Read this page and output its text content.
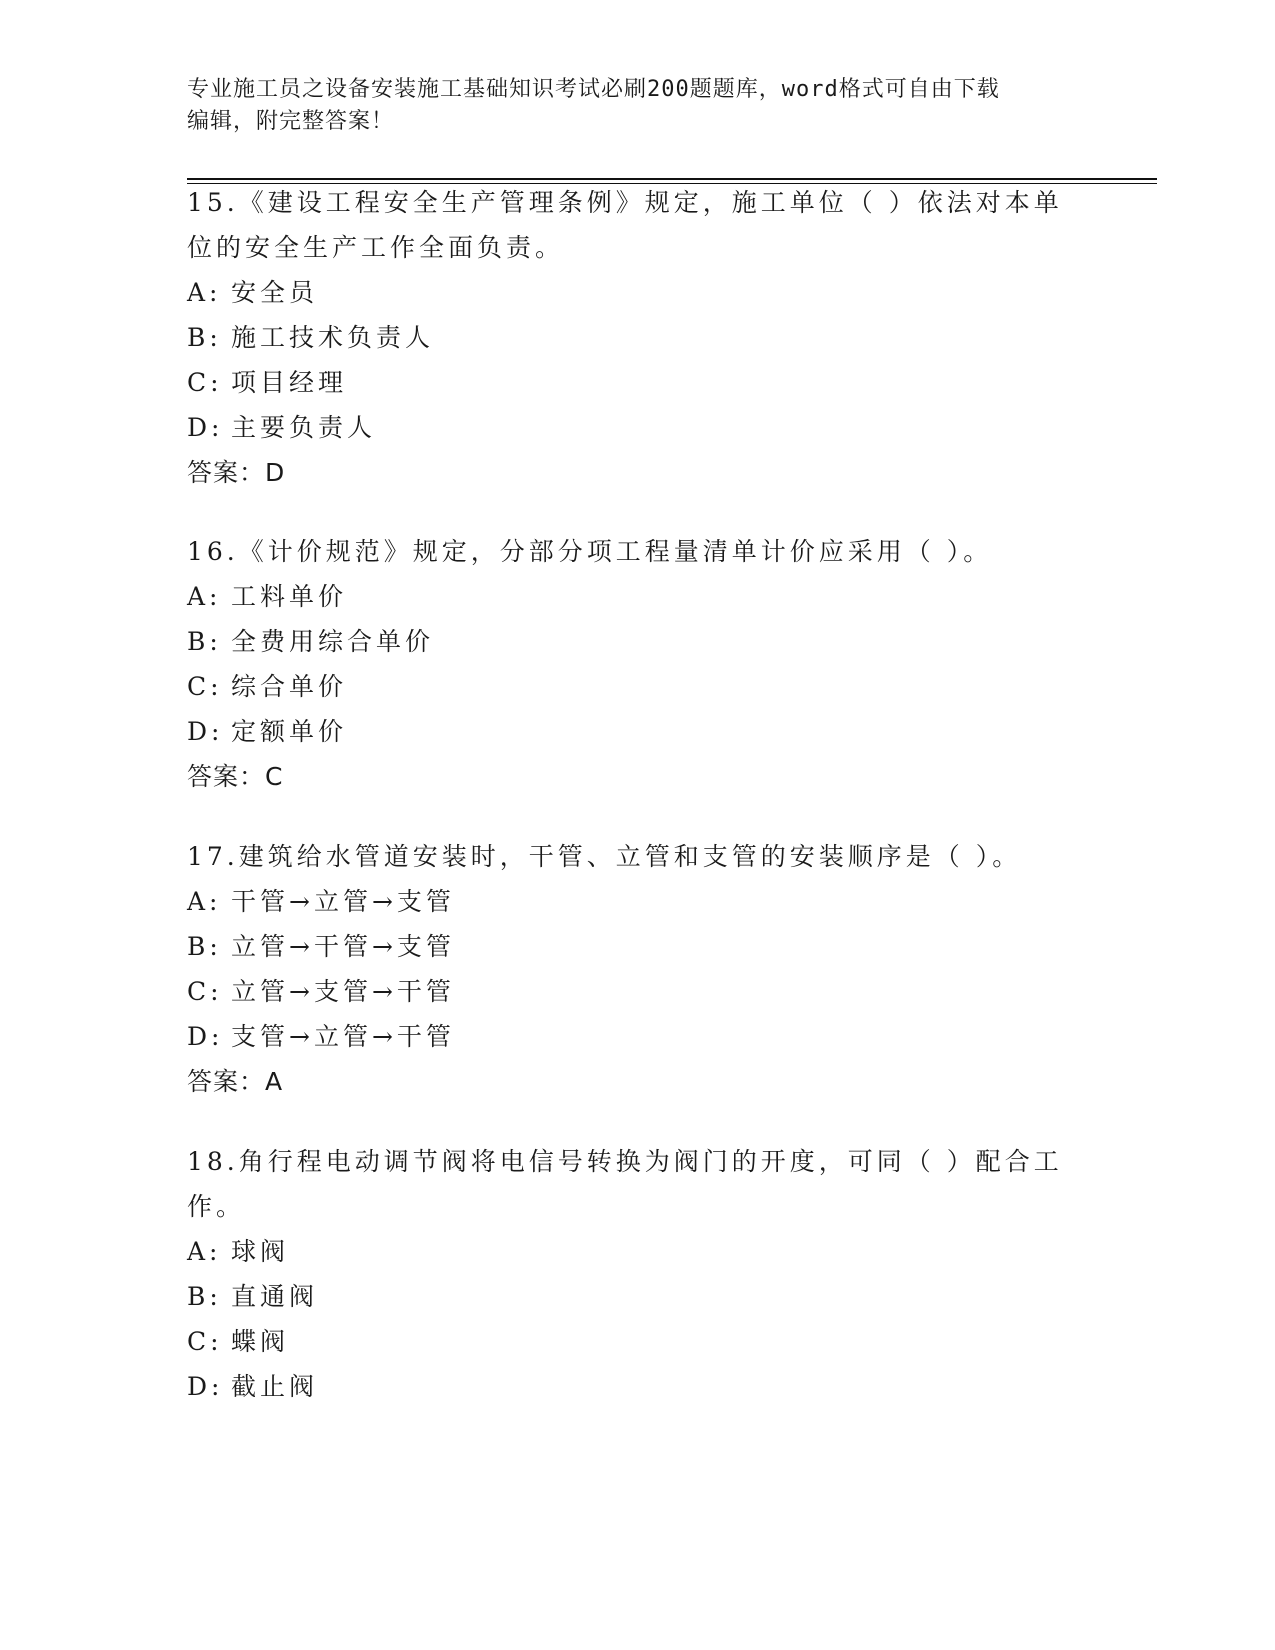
专业施工员之设备安装施工基础知识考试必刷200题题库，word格式可自由下载
编辑，附完整答案！
15.《建设工程安全生产管理条例》规定，施工单位（ ）依法对本单
位的安全生产工作全面负责。
A: 安全员
B: 施工技术负责人
C: 项目经理
D: 主要负责人
答案：D
16.《计价规范》规定，分部分项工程量清单计价应采用（ ）。
A: 工料单价
B: 全费用综合单价
C: 综合单价
D: 定额单价
答案：C
17.建筑给水管道安装时，干管、立管和支管的安装顺序是（ ）。
A: 干管→立管→支管
B: 立管→干管→支管
C: 立管→支管→干管
D: 支管→立管→干管
答案：A
18.角行程电动调节阀将电信号转换为阀门的开度，可同（ ）配合工
作。
A: 球阀
B: 直通阀
C: 蝶阀
D: 截止阀
